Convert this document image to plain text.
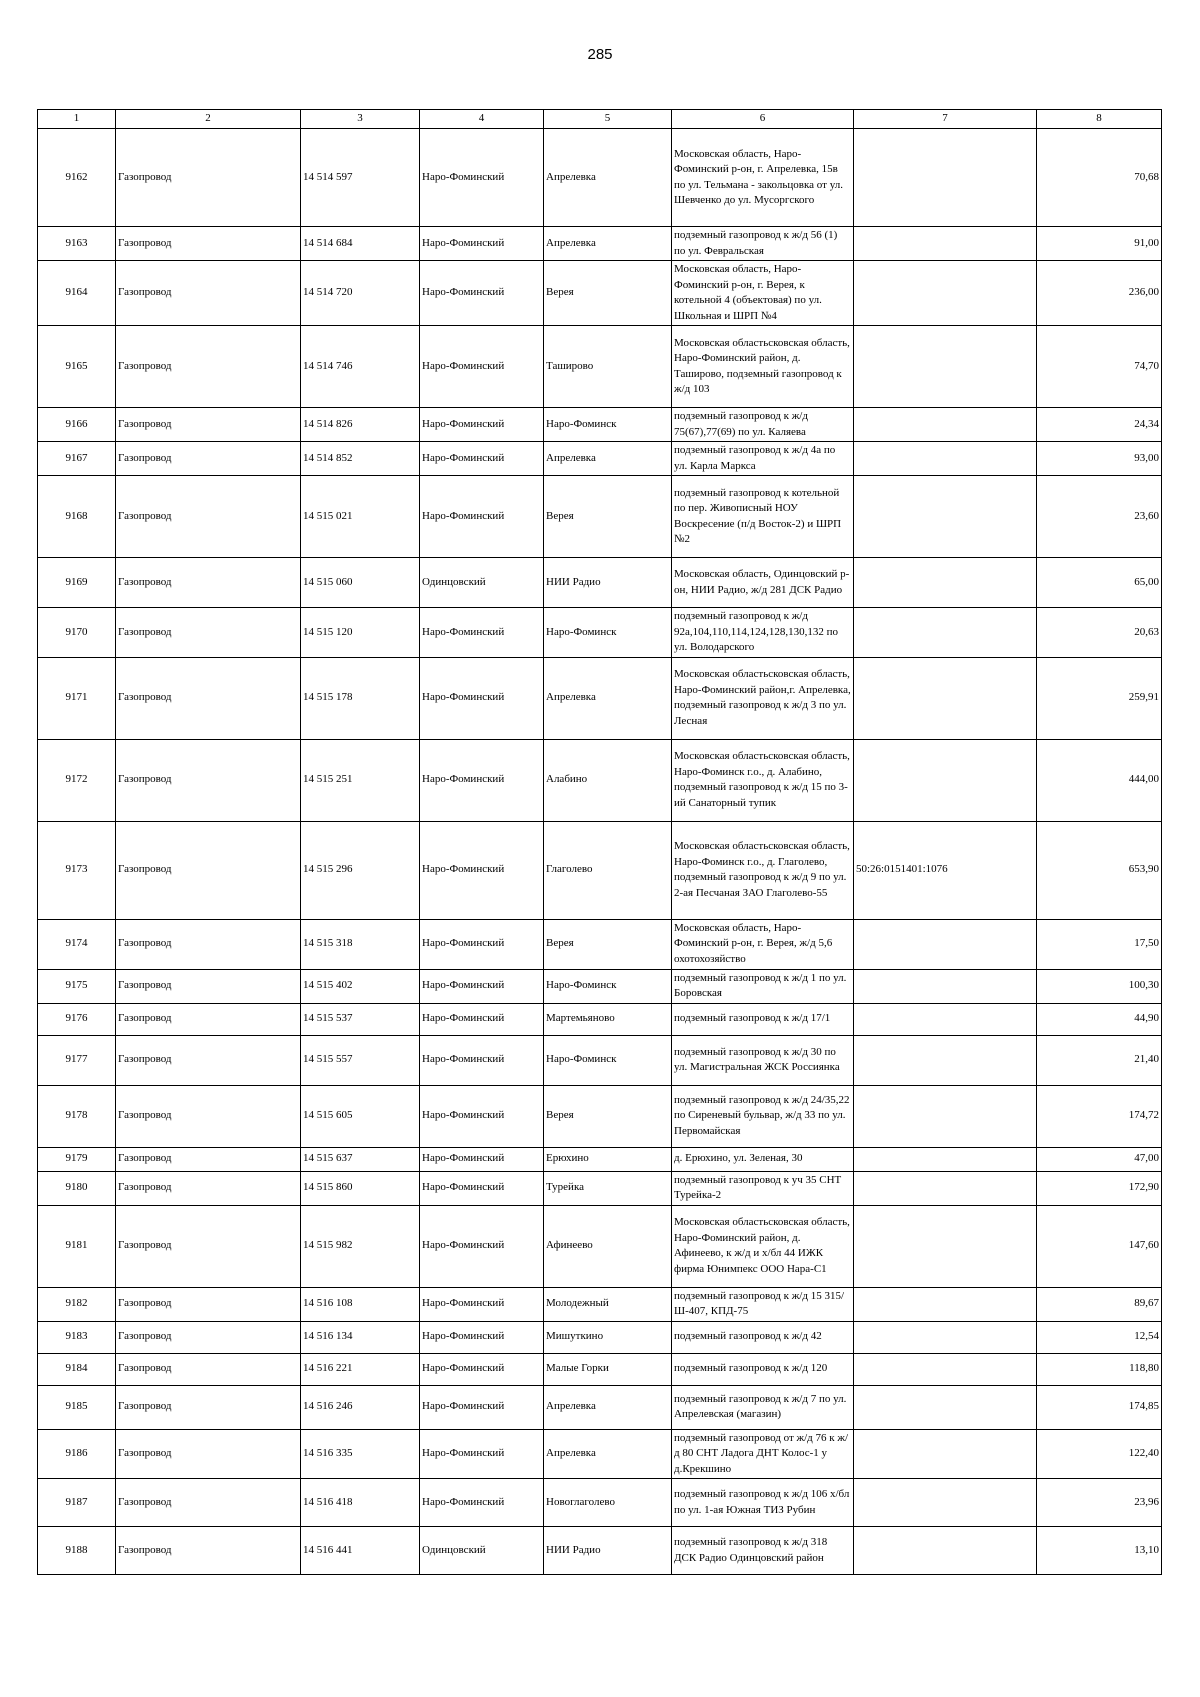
285
1	2	3	4	5	6	7	8
9162	Газопровод	14 514 597	Наро-Фоминский	Апрелевка	Московская область, Наро-Фоминский р-он, г. Апрелевка, 15в по ул. Тельмана - закольцовка от ул. Шевченко до ул. Мусоргского		70,68
9163	Газопровод	14 514 684	Наро-Фоминский	Апрелевка	подземный газопровод к ж/д 56 (1) по ул. Февральская		91,00
9164	Газопровод	14 514 720	Наро-Фоминский	Верея	Московская область, Наро-Фоминский р-он, г. Верея, к котельной 4 (объектовая) по ул. Школьная и ШРП №4		236,00
9165	Газопровод	14 514 746	Наро-Фоминский	Таширово	Московская областьсковская область, Наро-Фоминский район, д. Таширово, подземный газопровод к ж/д 103		74,70
9166	Газопровод	14 514 826	Наро-Фоминский	Наро-Фоминск	подземный газопровод к ж/д 75(67),77(69) по ул. Каляева		24,34
9167	Газопровод	14 514 852	Наро-Фоминский	Апрелевка	подземный газопровод к ж/д 4а по ул. Карла Маркса		93,00
9168	Газопровод	14 515 021	Наро-Фоминский	Верея	подземный газопровод к котельной по пер. Живописный НОУ Воскресение (п/д Восток-2) и ШРП №2		23,60
9169	Газопровод	14 515 060	Одинцовский	НИИ Радио	Московская область, Одинцовский р-он, НИИ Радио, ж/д 281 ДСК Радио		65,00
9170	Газопровод	14 515 120	Наро-Фоминский	Наро-Фоминск	подземный газопровод к ж/д 92а,104,110,114,124,128,130,132 по ул. Володарского		20,63
9171	Газопровод	14 515 178	Наро-Фоминский	Апрелевка	Московская областьсковская область, Наро-Фоминский район,г. Апрелевка, подземный газопровод к ж/д 3 по ул. Лесная		259,91
9172	Газопровод	14 515 251	Наро-Фоминский	Алабино	Московская областьсковская область, Наро-Фоминск г.о., д. Алабино, подземный газопровод к ж/д 15 по 3-ий Санаторный тупик		444,00
9173	Газопровод	14 515 296	Наро-Фоминский	Глаголево	Московская областьсковская область, Наро-Фоминск г.о., д. Глаголево, подземный газопровод к ж/д 9 по ул. 2-ая Песчаная ЗАО Глаголево-55	50:26:0151401:1076	653,90
9174	Газопровод	14 515 318	Наро-Фоминский	Верея	Московская область, Наро-Фоминский р-он, г. Верея, ж/д 5,6 охотохозяйство		17,50
9175	Газопровод	14 515 402	Наро-Фоминский	Наро-Фоминск	подземный газопровод к ж/д 1 по ул. Боровская		100,30
9176	Газопровод	14 515 537	Наро-Фоминский	Мартемьяново	подземный газопровод к ж/д 17/1		44,90
9177	Газопровод	14 515 557	Наро-Фоминский	Наро-Фоминск	подземный газопровод к ж/д 30 по ул. Магистральная ЖСК Россиянка		21,40
9178	Газопровод	14 515 605	Наро-Фоминский	Верея	подземный газопровод к ж/д 24/35,22 по Сиреневый бульвар, ж/д 33 по ул. Первомайская		174,72
9179	Газопровод	14 515 637	Наро-Фоминский	Ерюхино	д. Ерюхино, ул. Зеленая, 30		47,00
9180	Газопровод	14 515 860	Наро-Фоминский	Турейка	подземный газопровод к уч 35 СНТ Турейка-2		172,90
9181	Газопровод	14 515 982	Наро-Фоминский	Афинеево	Московская областьсковская область, Наро-Фоминский район, д. Афинеево, к ж/д и х/бл 44 ИЖК фирма Юнимпекс ООО Нара-С1		147,60
9182	Газопровод	14 516 108	Наро-Фоминский	Молодежный	подземный газопровод к ж/д 15 315/Ш-407, КПД-75		89,67
9183	Газопровод	14 516 134	Наро-Фоминский	Мишуткино	подземный газопровод к ж/д 42		12,54
9184	Газопровод	14 516 221	Наро-Фоминский	Малые Горки	подземный газопровод к ж/д 120		118,80
9185	Газопровод	14 516 246	Наро-Фоминский	Апрелевка	подземный газопровод к ж/д 7 по ул. Апрелевская (магазин)		174,85
9186	Газопровод	14 516 335	Наро-Фоминский	Апрелевка	подземный газопровод от ж/д 76 к ж/д 80 СНТ Ладога ДНТ Колос-1 у д.Крекшино		122,40
9187	Газопровод	14 516 418	Наро-Фоминский	Новоглаголево	подземный газопровод к ж/д 106 х/бл по ул. 1-ая Южная ТИЗ Рубин		23,96
9188	Газопровод	14 516 441	Одинцовский	НИИ Радио	подземный газопровод к ж/д 318 ДСК Радио Одинцовский район		13,10
